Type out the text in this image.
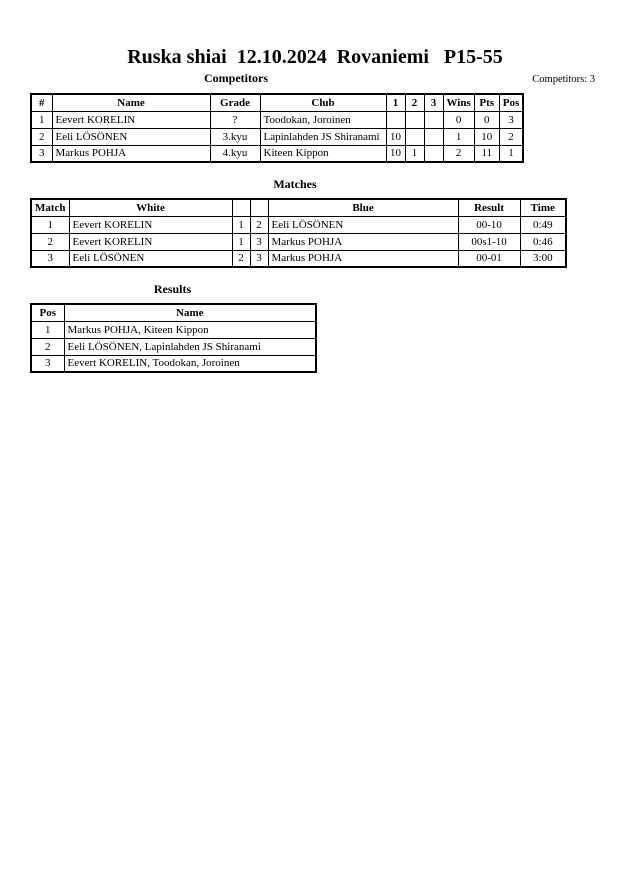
Ruska shiai  12.10.2024  Rovaniemi   P15-55

Competitors	Competitors: 3
#	Name	Grade	Club	1	2	3	Wins	Pts	Pos
1	Eevert KORELIN	?	Toodokan, Joroinen				0	0	3
2	Eeli LÖSÖNEN	3.kyu	Lapinlahden JS Shiranami	10			1	10	2
3	Markus POHJA	4.kyu	Kiteen Kippon	10	1		2	11	1

Matches

Match	White			Blue	Result	Time
1	Eevert KORELIN	1	2	Eeli LÖSÖNEN	00-10	0:49
2	Eevert KORELIN	1	3	Markus POHJA	00s1-10	0:46
3	Eeli LÖSÖNEN	2	3	Markus POHJA	00-01	3:00

Results

Pos	Name
1	Markus POHJA, Kiteen Kippon
2	Eeli LÖSÖNEN, Lapinlahden JS Shiranami
3	Eevert KORELIN, Toodokan, Joroinen
